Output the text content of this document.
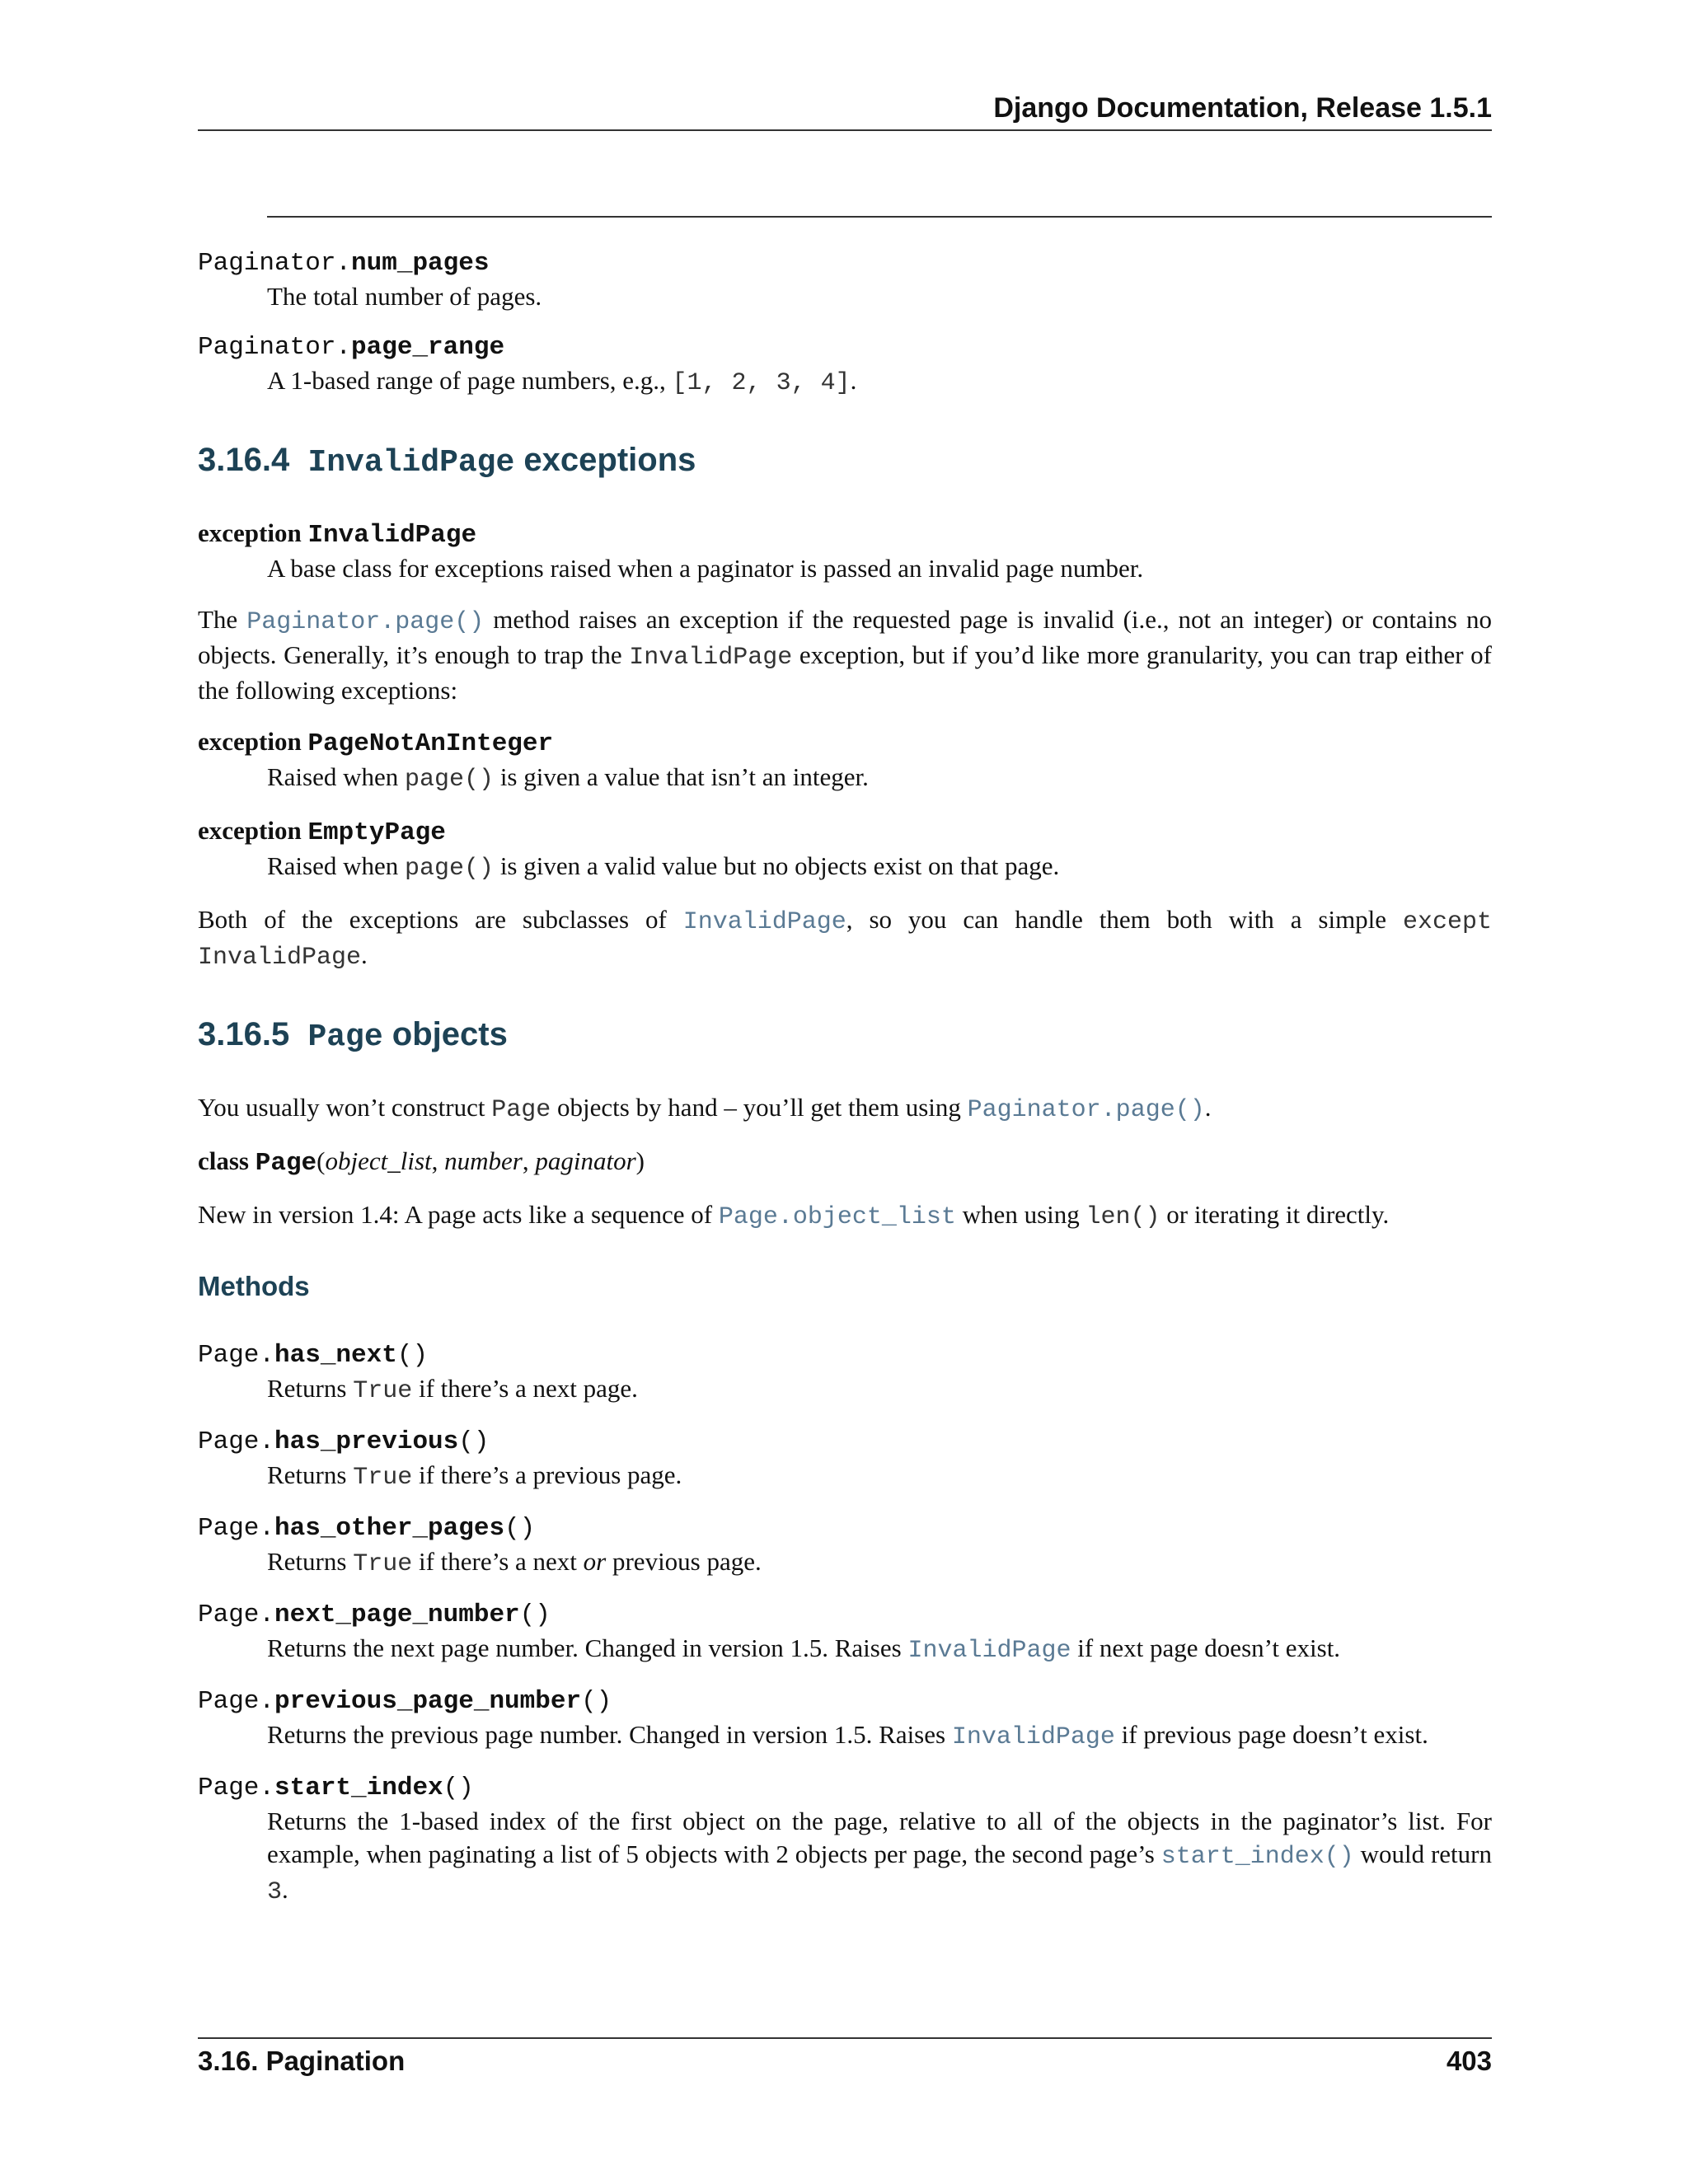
Django Documentation, Release 1.5.1

Paginator.num_pages

The total number of pages.

Paginator.page_range

A 1-based range of page numbers, e.g., [1, 2, 3, 4].

3.16.4 InvalidPage exceptions

exception InvalidPage

A base class for exceptions raised when a paginator is passed an invalid page number.

The Paginator.page() method raises an exception if the requested page is invalid (i.e., not an integer) or contains no objects. Generally, it’s enough to trap the InvalidPage exception, but if you’d like more granularity, you can trap either of the following exceptions:

exception PageNotAnInteger

Raised when page() is given a value that isn’t an integer.

exception EmptyPage

Raised when page() is given a valid value but no objects exist on that page.

Both of the exceptions are subclasses of InvalidPage, so you can handle them both with a simple except InvalidPage.

3.16.5 Page objects

You usually won’t construct Page objects by hand – you’ll get them using Paginator.page().

class Page(object_list, number, paginator)

New in version 1.4: A page acts like a sequence of Page.object_list when using len() or iterating it directly.

Methods

Page.has_next()

Returns True if there’s a next page.

Page.has_previous()

Returns True if there’s a previous page.

Page.has_other_pages()

Returns True if there’s a next or previous page.

Page.next_page_number()

Returns the next page number. Changed in version 1.5. Raises InvalidPage if next page doesn’t exist.

Page.previous_page_number()

Returns the previous page number. Changed in version 1.5. Raises InvalidPage if previous page doesn’t exist.

Page.start_index()

Returns the 1-based index of the first object on the page, relative to all of the objects in the paginator’s list. For example, when paginating a list of 5 objects with 2 objects per page, the second page’s start_index() would return 3.

3.16. Pagination	403
